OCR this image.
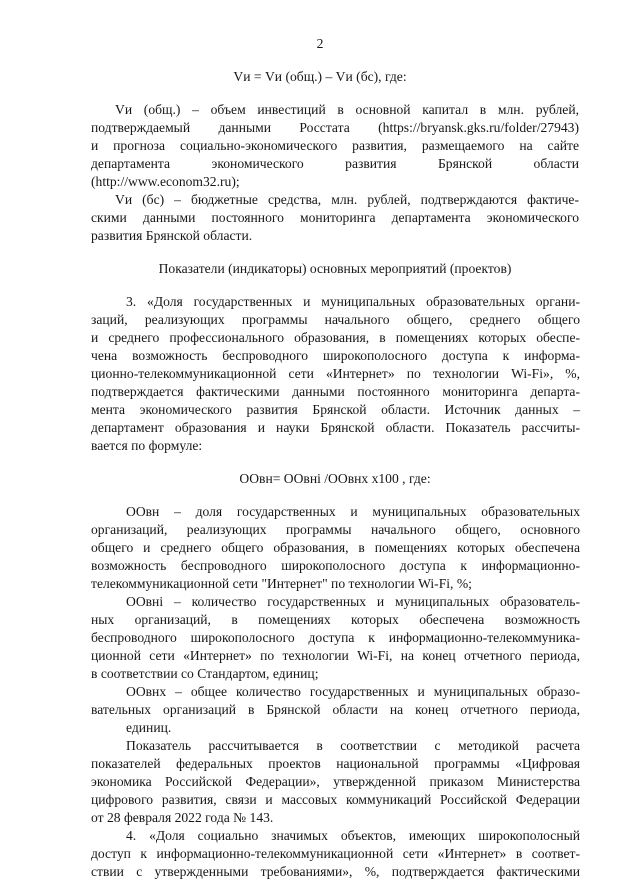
2
Vи = Vи (общ.) – Vи (бс), где:
Vи (общ.) – объем инвестиций в основной капитал в млн. рублей,
подтверждаемый данными Росстата (https://bryansk.gks.ru/folder/27943)
и прогноза социально-экономического развития, размещаемого на сайте
департамента экономического развития Брянской области
(http://www.econom32.ru);
Vи (бс) – бюджетные средства, млн. рублей, подтверждаются фактиче-
скими данными постоянного мониторинга департамента экономического
развития Брянской области.
Показатели (индикаторы) основных мероприятий (проектов)
3. «Доля государственных и муниципальных образовательных органи-
заций, реализующих программы начального общего, среднего общего
и среднего профессионального образования, в помещениях которых обеспе-
чена возможность беспроводного широкополосного доступа к информа-
ционно-телекоммуникационной сети «Интернет» по технологии Wi-Fi», %,
подтверждается фактическими данными постоянного мониторинга департа-
мента экономического развития Брянской области. Источник данных –
департамент образования и науки Брянской области. Показатель рассчиты-
вается по формуле:
ООвн= ООвнi /ООвнх х100 , где:
ООвн – доля государственных и муниципальных образовательных
организаций, реализующих программы начального общего, основного
общего и среднего общего образования, в помещениях которых обеспечена
возможность беспроводного широкополосного доступа к информационно-
телекоммуникационной сети "Интернет" по технологии Wi-Fi, %;
ООвнi – количество государственных и муниципальных образователь-
ных организаций, в помещениях которых обеспечена возможность
беспроводного широкополосного доступа к информационно-телекоммуника-
ционной сети «Интернет» по технологии Wi-Fi, на конец отчетного периода,
в соответствии со Стандартом, единиц;
ООвнх – общее количество государственных и муниципальных образо-
вательных организаций в Брянской области на конец отчетного периода,
единиц.
Показатель рассчитывается в соответствии с методикой расчета
показателей федеральных проектов национальной программы «Цифровая
экономика Российской Федерации», утвержденной приказом Министерства
цифрового развития, связи и массовых коммуникаций Российской Федерации
от 28 февраля 2022 года № 143.
4. «Доля социально значимых объектов, имеющих широкополосный
доступ к информационно-телекоммуникационной сети «Интернет» в соответ-
ствии с утвержденными требованиями», %, подтверждается фактическими
